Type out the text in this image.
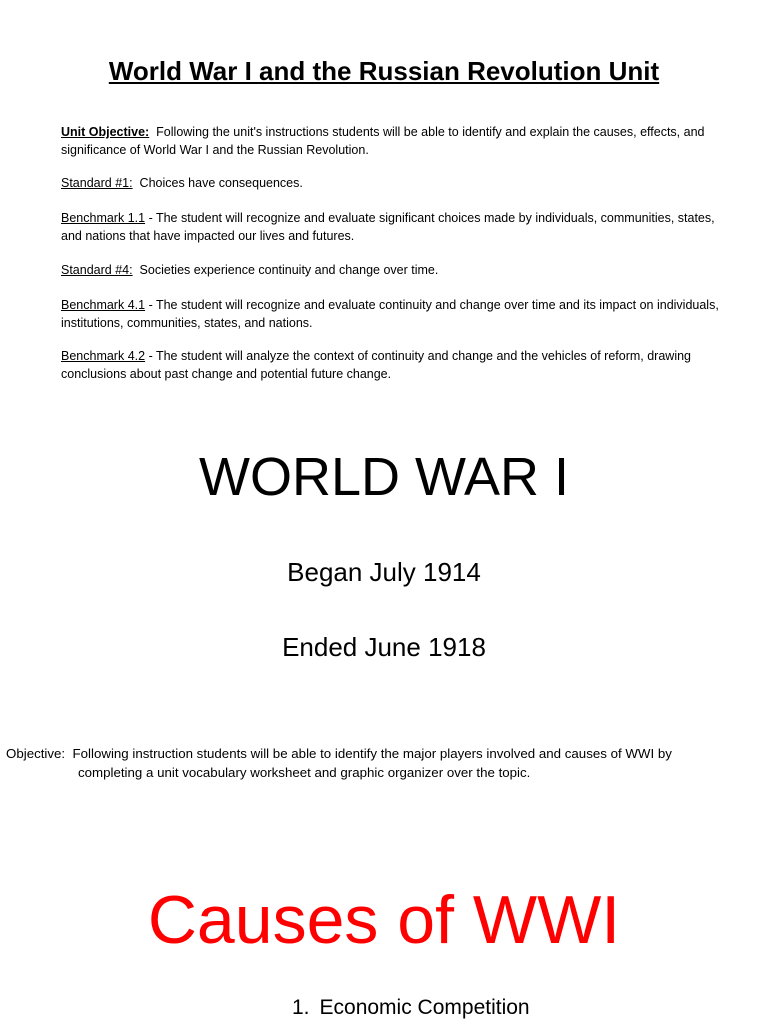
World War I and the Russian Revolution Unit
Unit Objective: Following the unit's instructions students will be able to identify and explain the causes, effects, and significance of World War I and the Russian Revolution.
Standard #1: Choices have consequences.
Benchmark 1.1 - The student will recognize and evaluate significant choices made by individuals, communities, states, and nations that have impacted our lives and futures.
Standard #4: Societies experience continuity and change over time.
Benchmark 4.1 - The student will recognize and evaluate continuity and change over time and its impact on individuals, institutions, communities, states, and nations.
Benchmark 4.2 - The student will analyze the context of continuity and change and the vehicles of reform, drawing conclusions about past change and potential future change.
WORLD WAR I
Began July 1914
Ended June 1918
Objective: Following instruction students will be able to identify the major players involved and causes of WWI by
completing a unit vocabulary worksheet and graphic organizer over the topic.
Causes of WWI
1. Economic Competition
